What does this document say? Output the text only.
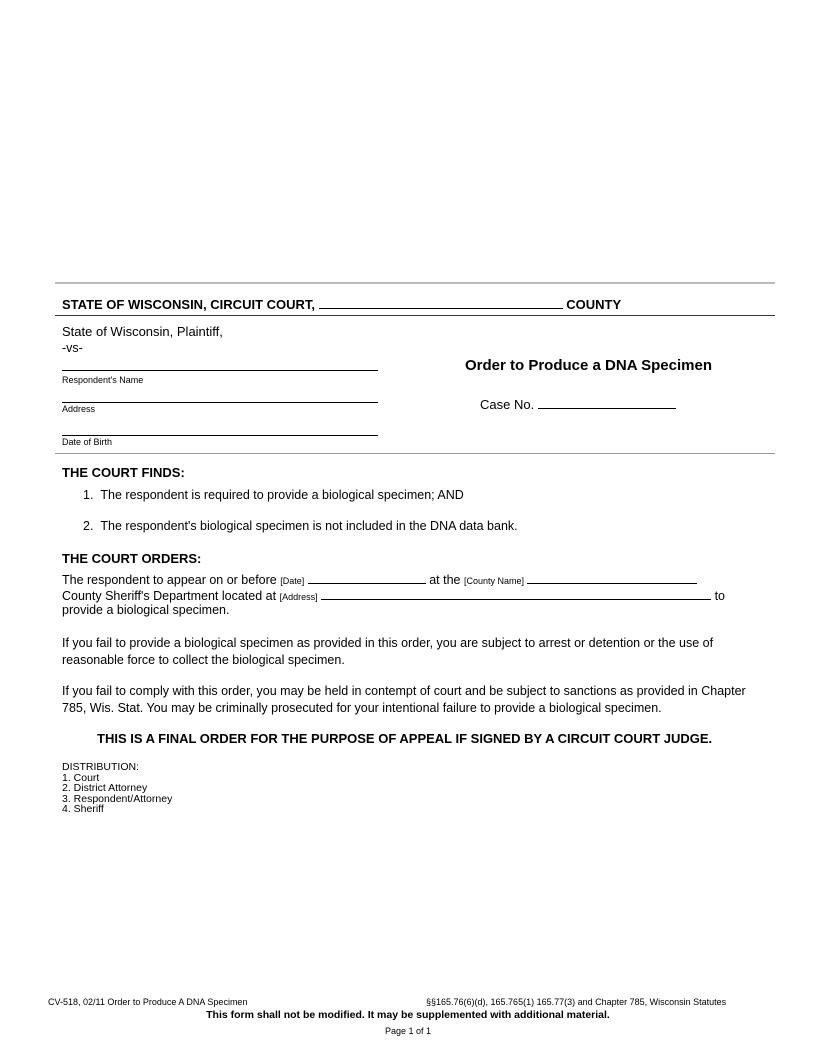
STATE OF WISCONSIN, CIRCUIT COURT,	COUNTY
State of Wisconsin, Plaintiff,
-vs-
Respondent's Name
Address
Date of Birth
Order to Produce a DNA Specimen
Case No.
THE COURT FINDS:
1. The respondent is required to provide a biological specimen; AND
2. The respondent's biological specimen is not included in the DNA data bank.
THE COURT ORDERS:
The respondent to appear on or before [Date]	at the [County Name]
County Sheriff's Department located at [Address]	to
provide a biological specimen.
If you fail to provide a biological specimen as provided in this order, you are subject to arrest or detention or the use of reasonable force to collect the biological specimen.
If you fail to comply with this order, you may be held in contempt of court and be subject to sanctions as provided in Chapter 785, Wis. Stat. You may be criminally prosecuted for your intentional failure to provide a biological specimen.
THIS IS A FINAL ORDER FOR THE PURPOSE OF APPEAL IF SIGNED BY A CIRCUIT COURT JUDGE.
DISTRIBUTION:
1. Court
2. District Attorney
3. Respondent/Attorney
4. Sheriff
CV-518, 02/11 Order to Produce A DNA Specimen	§§165.76(6)(d), 165.765(1) 165.77(3) and Chapter 785, Wisconsin Statutes
This form shall not be modified. It may be supplemented with additional material.
Page 1 of 1
